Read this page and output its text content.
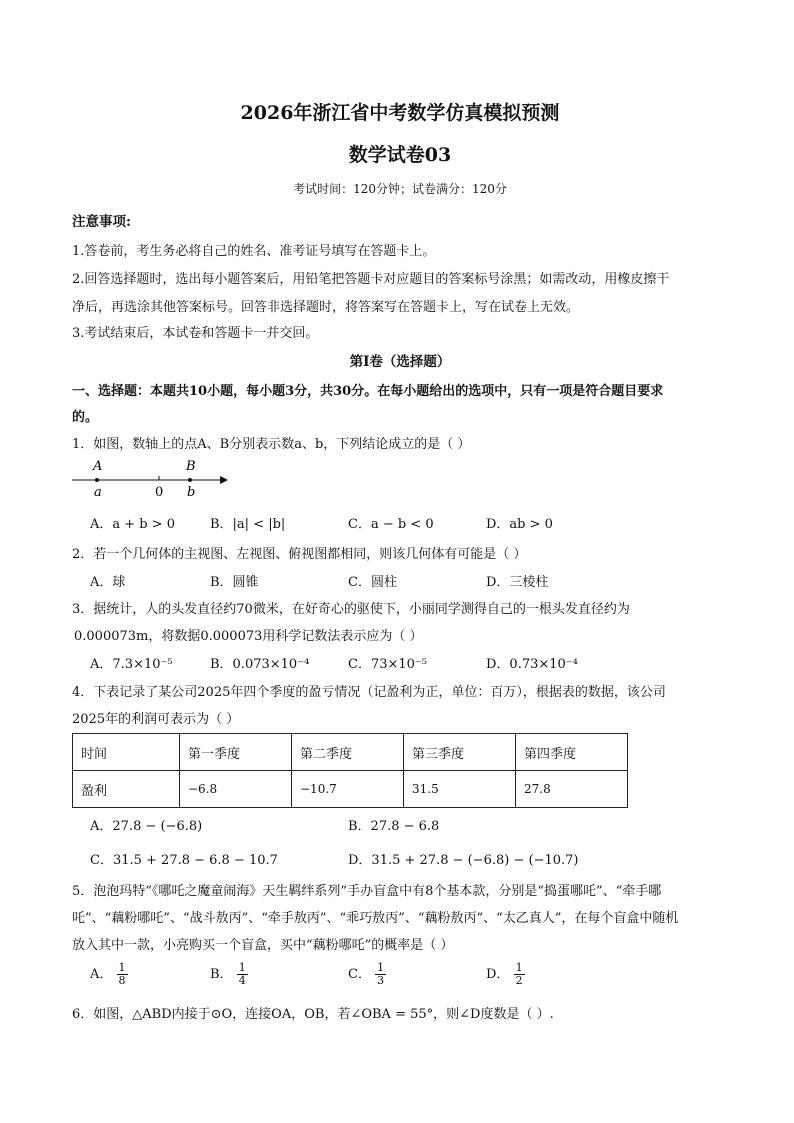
2026年浙江省中考数学仿真模拟预测
数学试卷03
考试时间：120分钟；试卷满分：120分
注意事项:
1.答卷前，考生务必将自己的姓名、准考证号填写在答题卡上。
2.回答选择题时，选出每小题答案后，用铅笔把答题卡对应题目的答案标号涂黑；如需改动，用橡皮擦干
净后，再选涂其他答案标号。回答非选择题时，将答案写在答题卡上，写在试卷上无效。
3.考试结束后，本试卷和答题卡一并交回。
第I卷（选择题）
一、选择题：本题共10小题，每小题3分，共30分。在每小题给出的选项中，只有一项是符合题目要求
的。
1．如图，数轴上的点A、B分别表示数a、b，下列结论成立的是（ ）
A
a	0
B
b
A．a + b > 0	B．|a| < |b|	C．a − b < 0	D．ab > 0
2．若一个几何体的主视图、左视图、俯视图都相同，则该几何体有可能是（ ）
A．球	B．圆锥	C．圆柱	D．三棱柱
3．据统计，人的头发直径约70微米，在好奇心的驱使下，小丽同学测得自己的一根头发直径约为
0.000073m，将数据0.000073用科学记数法表示应为（ ）
A．7.3×10⁻⁵	B．0.073×10⁻⁴	C．73×10⁻⁵	D．0.73×10⁻⁴
4．下表记录了某公司2025年四个季度的盈亏情况（记盈利为正，单位：百万），根据表的数据，该公司
2025年的利润可表示为（ ）
时间	第一季度	第二季度	第三季度	第四季度
盈利	−6.8	−10.7	31.5	27.8
A．27.8 − (−6.8)	B．27.8 − 6.8
C．31.5 + 27.8 − 6.8 − 10.7	D．31.5 + 27.8 − (−6.8) − (−10.7)
5．泡泡玛特“《哪吒之魔童闹海》天生羁绊系列”手办盲盒中有8个基本款，分别是“捣蛋哪吒”、“牵手哪
吒”、“藕粉哪吒”、“战斗敖丙”、“牵手敖丙”、“乖巧敖丙”、“藕粉敖丙”、“太乙真人”，在每个盲盒中随机
放入其中一款，小亮购买一个盲盒，买中“藕粉哪吒”的概率是（ ）
A． $\frac{1}{8}$	B． $\frac{1}{4}$	C． $\frac{1}{3}$	D． $\frac{1}{2}$
6．如图，△ABD内接于⊙O，连接OA，OB，若∠OBA = 55°，则∠D度数是（ ）.
